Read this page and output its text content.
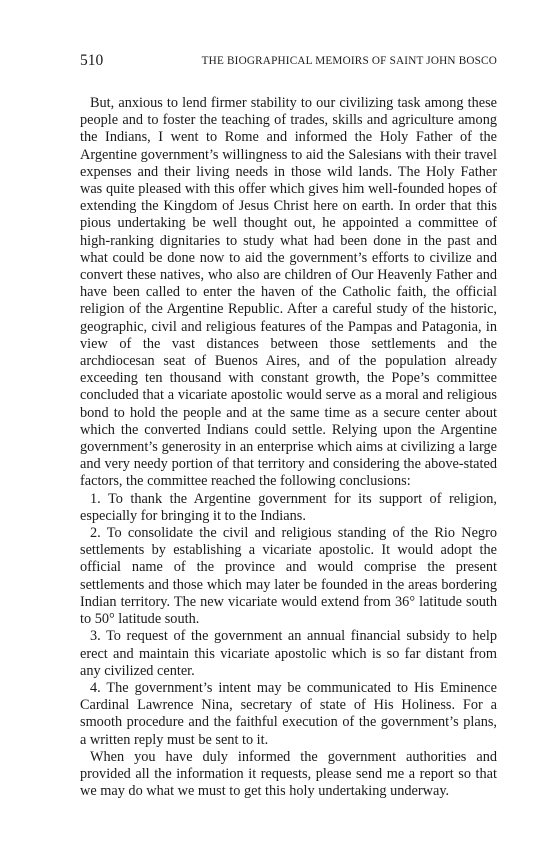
510	THE BIOGRAPHICAL MEMOIRS OF SAINT JOHN BOSCO

But, anxious to lend firmer stability to our civilizing task among these people and to foster the teaching of trades, skills and agriculture among the Indians, I went to Rome and informed the Holy Father of the Argentine government’s willingness to aid the Salesians with their travel expenses and their living needs in those wild lands. The Holy Father was quite pleased with this offer which gives him well-founded hopes of extending the Kingdom of Jesus Christ here on earth. In order that this pious undertaking be well thought out, he appointed a committee of high-ranking dignitaries to study what had been done in the past and what could be done now to aid the government’s efforts to civilize and convert these natives, who also are children of Our Heavenly Father and have been called to enter the haven of the Catholic faith, the official religion of the Argentine Republic. After a careful study of the historic, geographic, civil and religious features of the Pampas and Patagonia, in view of the vast distances between those settlements and the archdiocesan seat of Buenos Aires, and of the population already exceeding ten thousand with constant growth, the Pope’s committee concluded that a vicariate apostolic would serve as a moral and religious bond to hold the people and at the same time as a secure center about which the converted Indians could settle. Relying upon the Argentine government’s generosity in an enterprise which aims at civilizing a large and very needy portion of that territory and considering the above-stated factors, the committee reached the following conclusions:

1. To thank the Argentine government for its support of religion, especially for bringing it to the Indians.

2. To consolidate the civil and religious standing of the Rio Negro settlements by establishing a vicariate apostolic. It would adopt the official name of the province and would comprise the present settlements and those which may later be founded in the areas bordering Indian territory. The new vicariate would extend from 36° latitude south to 50° latitude south.

3. To request of the government an annual financial subsidy to help erect and maintain this vicariate apostolic which is so far distant from any civilized center.

4. The government’s intent may be communicated to His Eminence Cardinal Lawrence Nina, secretary of state of His Holiness. For a smooth procedure and the faithful execution of the government’s plans, a written reply must be sent to it.

When you have duly informed the government authorities and provided all the information it requests, please send me a report so that we may do what we must to get this holy undertaking underway.
